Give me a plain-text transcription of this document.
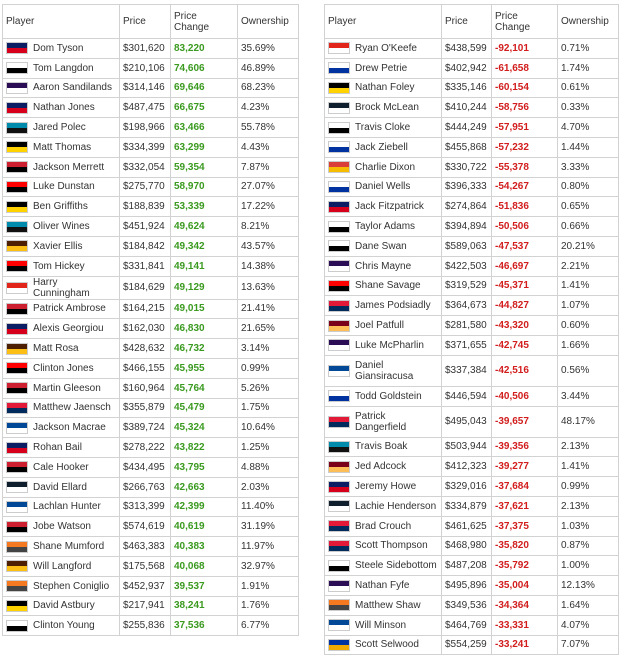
Player	Price	Price Change	Ownership

Dom Tyson	$301,620	83,220	35.69%

Tom Langdon	$210,106	74,606	46.89%

Aaron Sandilands	$314,146	69,646	68.23%

Nathan Jones	$487,475	66,675	4.23%

Jared Polec	$198,966	63,466	55.78%

Matt Thomas	$334,399	63,299	4.43%

Jackson Merrett	$332,054	59,354	7.87%

Luke Dunstan	$275,770	58,970	27.07%

Ben Griffiths	$188,839	53,339	17.22%

Oliver Wines	$451,924	49,624	8.21%

Xavier Ellis	$184,842	49,342	43.57%

Tom Hickey	$331,841	49,141	14.38%

Harry Cunningham	$184,629	49,129	13.63%

Patrick Ambrose	$164,215	49,015	21.41%

Alexis Georgiou	$162,030	46,830	21.65%

Matt Rosa	$428,632	46,732	3.14%

Clinton Jones	$466,155	45,955	0.99%

Martin Gleeson	$160,964	45,764	5.26%

Matthew Jaensch	$355,879	45,479	1.75%

Jackson Macrae	$389,724	45,324	10.64%

Rohan Bail	$278,222	43,822	1.25%

Cale Hooker	$434,495	43,795	4.88%

David Ellard	$266,763	42,663	2.03%

Lachlan Hunter	$313,399	42,399	11.40%

Jobe Watson	$574,619	40,619	31.19%

Shane Mumford	$463,383	40,383	11.97%

Will Langford	$175,568	40,068	32.97%

Stephen Coniglio	$452,937	39,537	1.91%

David Astbury	$217,941	38,241	1.76%

Clinton Young	$255,836	37,536	6.77%
Player	Price	Price Change	Ownership

Ryan O'Keefe	$438,599	-92,101	0.71%

Drew Petrie	$402,942	-61,658	1.74%

Nathan Foley	$335,146	-60,154	0.61%

Brock McLean	$410,244	-58,756	0.33%

Travis Cloke	$444,249	-57,951	4.70%

Jack Ziebell	$455,868	-57,232	1.44%

Charlie Dixon	$330,722	-55,378	3.33%

Daniel Wells	$396,333	-54,267	0.80%

Jack Fitzpatrick	$274,864	-51,836	0.65%

Taylor Adams	$394,894	-50,506	0.66%

Dane Swan	$589,063	-47,537	20.21%

Chris Mayne	$422,503	-46,697	2.21%

Shane Savage	$319,529	-45,371	1.41%

James Podsiadly	$364,673	-44,827	1.07%

Joel Patfull	$281,580	-43,320	0.60%

Luke McPharlin	$371,655	-42,745	1.66%

Daniel Giansiracusa	$337,384	-42,516	0.56%

Todd Goldstein	$446,594	-40,506	3.44%

Patrick Dangerfield	$495,043	-39,657	48.17%

Travis Boak	$503,944	-39,356	2.13%

Jed Adcock	$412,323	-39,277	1.41%

Jeremy Howe	$329,016	-37,684	0.99%

Lachie Henderson	$334,879	-37,621	2.13%

Brad Crouch	$461,625	-37,375	1.03%

Scott Thompson	$468,980	-35,820	0.87%

Steele Sidebottom	$487,208	-35,792	1.00%

Nathan Fyfe	$495,896	-35,004	12.13%

Matthew Shaw	$349,536	-34,364	1.64%

Will Minson	$464,769	-33,331	4.07%

Scott Selwood	$554,259	-33,241	7.07%
